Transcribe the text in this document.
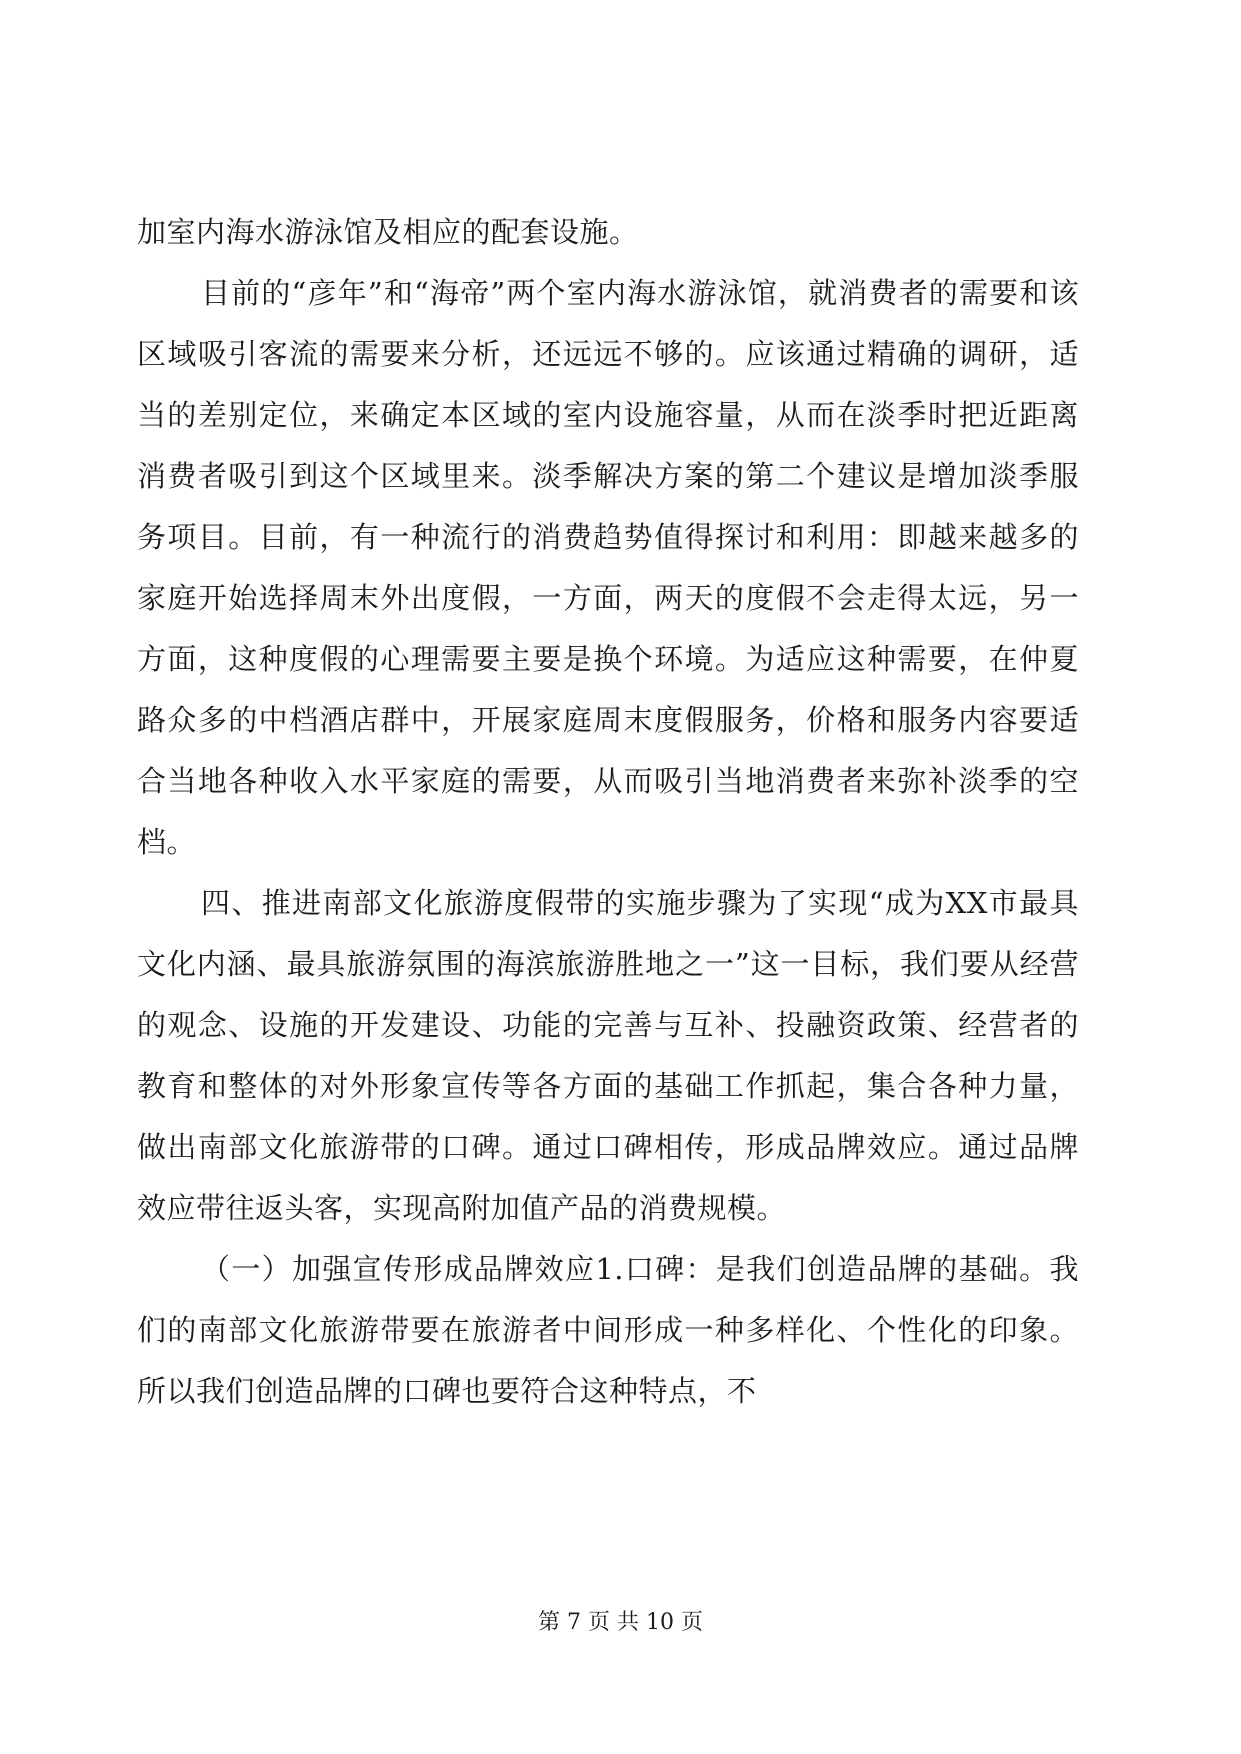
加室内海水游泳馆及相应的配套设施。

目前的“彦年”和“海帝”两个室内海水游泳馆，就消费者的需要和该区域吸引客流的需要来分析，还远远不够的。应该通过精确的调研，适当的差别定位，来确定本区域的室内设施容量，从而在淡季时把近距离消费者吸引到这个区域里来。淡季解决方案的第二个建议是增加淡季服务项目。目前，有一种流行的消费趋势值得探讨和利用：即越来越多的家庭开始选择周末外出度假，一方面，两天的度假不会走得太远，另一方面，这种度假的心理需要主要是换个环境。为适应这种需要，在仲夏路众多的中档酒店群中，开展家庭周末度假服务，价格和服务内容要适合当地各种收入水平家庭的需要，从而吸引当地消费者来弥补淡季的空档。

四、推进南部文化旅游度假带的实施步骤为了实现“成为XX市最具文化内涵、最具旅游氛围的海滨旅游胜地之一”这一目标，我们要从经营的观念、设施的开发建设、功能的完善与互补、投融资政策、经营者的教育和整体的对外形象宣传等各方面的基础工作抓起，集合各种力量，做出南部文化旅游带的口碑。通过口碑相传，形成品牌效应。通过品牌效应带往返头客，实现高附加值产品的消费规模。

（一）加强宣传形成品牌效应1.口碑：是我们创造品牌的基础。我们的南部文化旅游带要在旅游者中间形成一种多样化、个性化的印象。所以我们创造品牌的口碑也要符合这种特点，不

第 7 页 共 10 页
